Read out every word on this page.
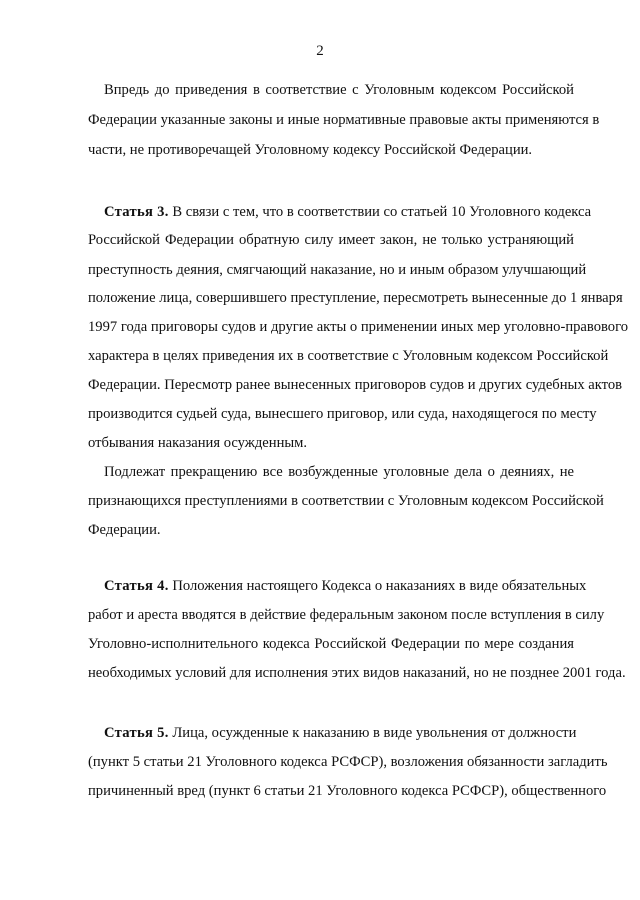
2
Впредь до приведения в соответствие с Уголовным кодексом Российской
Федерации указанные законы и иные нормативные правовые акты применяются в
части, не противоречащей Уголовному кодексу Российской Федерации.
Статья 3. В связи с тем, что в соответствии со статьей 10 Уголовного кодекса
Российской Федерации обратную силу имеет закон, не только устраняющий
преступность деяния, смягчающий наказание, но и иным образом улучшающий
положение лица, совершившего преступление, пересмотреть вынесенные до 1 января
1997 года приговоры судов и другие акты о применении иных мер уголовно-правового
характера в целях приведения их в соответствие с Уголовным кодексом Российской
Федерации. Пересмотр ранее вынесенных приговоров судов и других судебных актов
производится судьей суда, вынесшего приговор, или суда, находящегося по месту
отбывания наказания осужденным.
Подлежат прекращению все возбужденные уголовные дела о деяниях, не
признающихся преступлениями в соответствии с Уголовным кодексом Российской
Федерации.
Статья 4. Положения настоящего Кодекса о наказаниях в виде обязательных
работ и ареста вводятся в действие федеральным законом после вступления в силу
Уголовно-исполнительного кодекса Российской Федерации по мере создания
необходимых условий для исполнения этих видов наказаний, но не позднее 2001 года.
Статья 5. Лица, осужденные к наказанию в виде увольнения от должности
(пункт 5 статьи 21 Уголовного кодекса РСФСР), возложения обязанности загладить
причиненный вред (пункт 6 статьи 21 Уголовного кодекса РСФСР), общественного
